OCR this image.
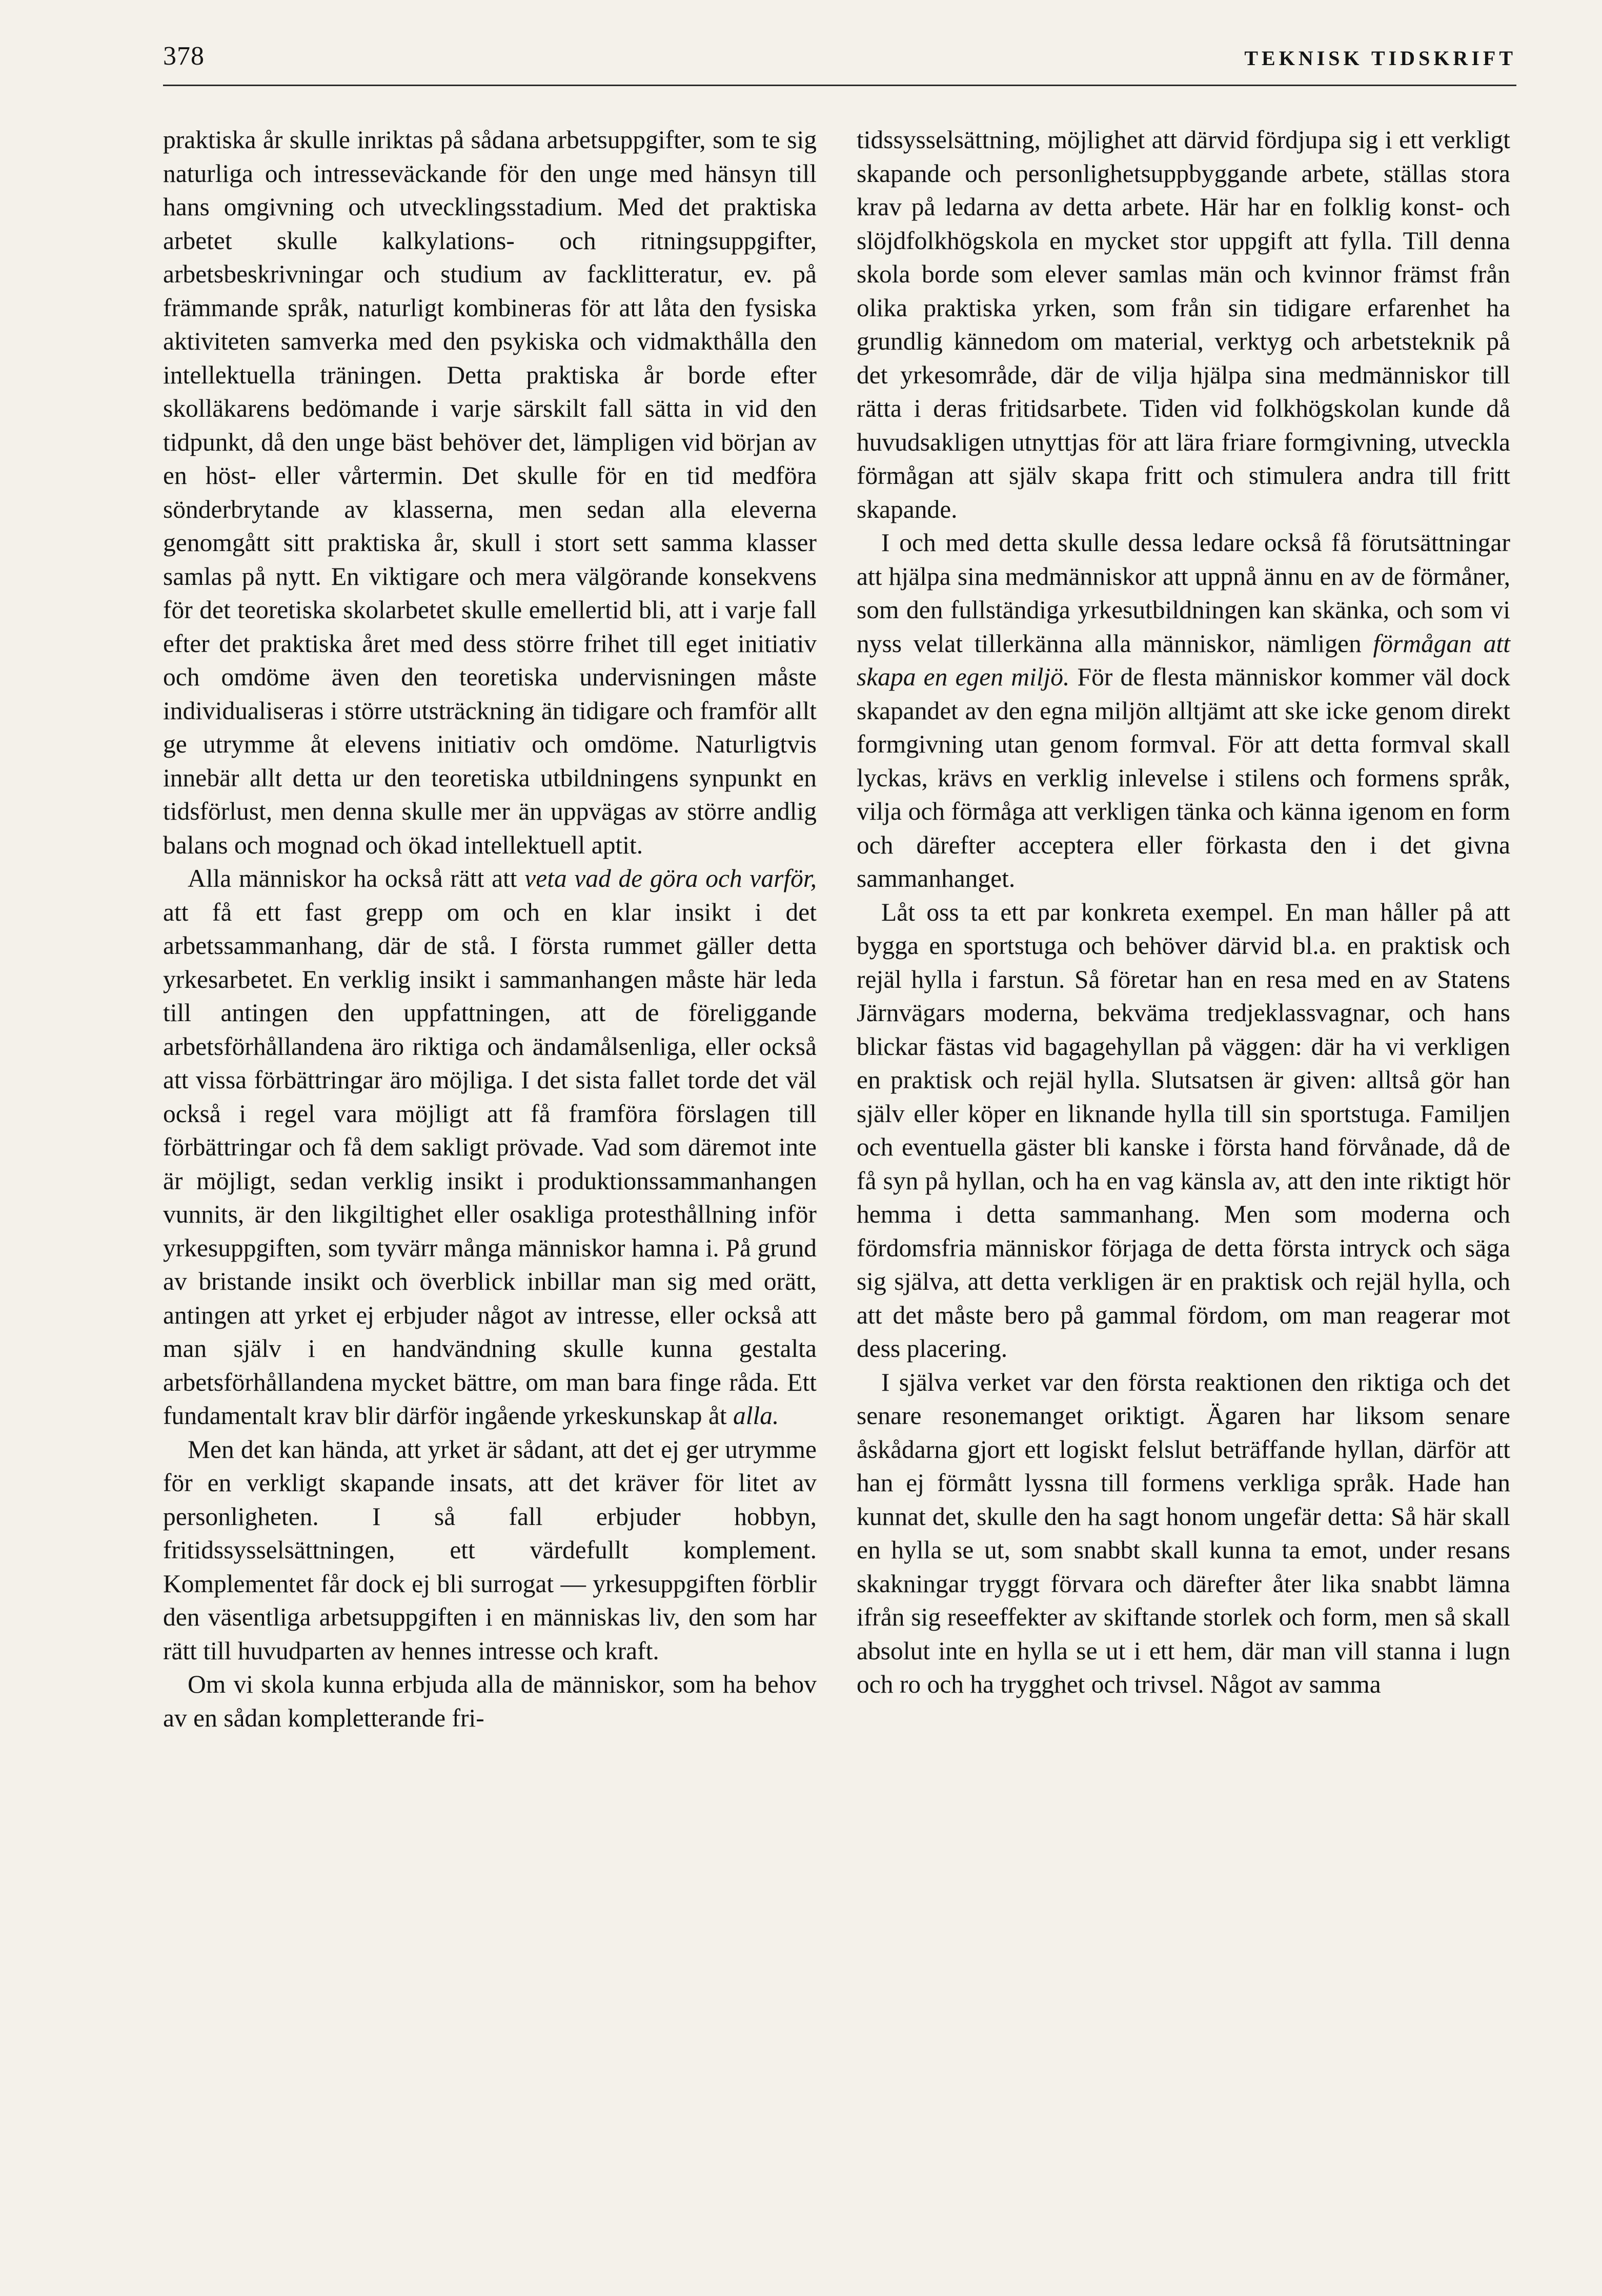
378	TEKNISK TIDSKRIFT

praktiska år skulle inriktas på sådana arbetsuppgifter, som te sig naturliga och intresseväckande för den unge med hänsyn till hans omgivning och utvecklingsstadium. Med det praktiska arbetet skulle kalkylations- och ritningsuppgifter, arbetsbeskrivningar och studium av facklitteratur, ev. på främmande språk, naturligt kombineras för att låta den fysiska aktiviteten samverka med den psykiska och vidmakthålla den intellektuella träningen. Detta praktiska år borde efter skolläkarens bedömande i varje särskilt fall sätta in vid den tidpunkt, då den unge bäst behöver det, lämpligen vid början av en höst- eller vårtermin. Det skulle för en tid medföra sönderbrytande av klasserna, men sedan alla eleverna genomgått sitt praktiska år, skull i stort sett samma klasser samlas på nytt. En viktigare och mera välgörande konsekvens för det teoretiska skolarbetet skulle emellertid bli, att i varje fall efter det praktiska året med dess större frihet till eget initiativ och omdöme även den teoretiska undervisningen måste individualiseras i större utsträckning än tidigare och framför allt ge utrymme åt elevens initiativ och omdöme. Naturligtvis innebär allt detta ur den teoretiska utbildningens synpunkt en tidsförlust, men denna skulle mer än uppvägas av större andlig balans och mognad och ökad intellektuell aptit.

Alla människor ha också rätt att veta vad de göra och varför, att få ett fast grepp om och en klar insikt i det arbetssammanhang, där de stå. I första rummet gäller detta yrkesarbetet. En verklig insikt i sammanhangen måste här leda till antingen den uppfattningen, att de föreliggande arbetsförhållandena äro riktiga och ändamålsenliga, eller också att vissa förbättringar äro möjliga. I det sista fallet torde det väl också i regel vara möjligt att få framföra förslagen till förbättringar och få dem sakligt prövade. Vad som däremot inte är möjligt, sedan verklig insikt i produktionssammanhangen vunnits, är den likgiltighet eller osakliga protesthållning inför yrkesuppgiften, som tyvärr många människor hamna i. På grund av bristande insikt och överblick inbillar man sig med orätt, antingen att yrket ej erbjuder något av intresse, eller också att man själv i en handvändning skulle kunna gestalta arbetsförhållandena mycket bättre, om man bara finge råda. Ett fundamentalt krav blir därför ingående yrkeskunskap åt alla.

Men det kan hända, att yrket är sådant, att det ej ger utrymme för en verkligt skapande insats, att det kräver för litet av personligheten. I så fall erbjuder hobbyn, fritidssysselsättningen, ett värdefullt komplement. Komplementet får dock ej bli surrogat — yrkesuppgiften förblir den väsentliga arbetsuppgiften i en människas liv, den som har rätt till huvudparten av hennes intresse och kraft.

Om vi skola kunna erbjuda alla de människor, som ha behov av en sådan kompletterande fri-

tidssysselsättning, möjlighet att därvid fördjupa sig i ett verkligt skapande och personlighetsuppbyggande arbete, ställas stora krav på ledarna av detta arbete. Här har en folklig konst- och slöjdfolkhögskola en mycket stor uppgift att fylla. Till denna skola borde som elever samlas män och kvinnor främst från olika praktiska yrken, som från sin tidigare erfarenhet ha grundlig kännedom om material, verktyg och arbetsteknik på det yrkesområde, där de vilja hjälpa sina medmänniskor till rätta i deras fritidsarbete. Tiden vid folkhögskolan kunde då huvudsakligen utnyttjas för att lära friare formgivning, utveckla förmågan att själv skapa fritt och stimulera andra till fritt skapande.

I och med detta skulle dessa ledare också få förutsättningar att hjälpa sina medmänniskor att uppnå ännu en av de förmåner, som den fullständiga yrkesutbildningen kan skänka, och som vi nyss velat tillerkänna alla människor, nämligen förmågan att skapa en egen miljö. För de flesta människor kommer väl dock skapandet av den egna miljön alltjämt att ske icke genom direkt formgivning utan genom formval. För att detta formval skall lyckas, krävs en verklig inlevelse i stilens och formens språk, vilja och förmåga att verkligen tänka och känna igenom en form och därefter acceptera eller förkasta den i det givna sammanhanget.

Låt oss ta ett par konkreta exempel. En man håller på att bygga en sportstuga och behöver därvid bl.a. en praktisk och rejäl hylla i farstun. Så företar han en resa med en av Statens Järnvägars moderna, bekväma tredjeklassvagnar, och hans blickar fästas vid bagagehyllan på väggen: där ha vi verkligen en praktisk och rejäl hylla. Slutsatsen är given: alltså gör han själv eller köper en liknande hylla till sin sportstuga. Familjen och eventuella gäster bli kanske i första hand förvånade, då de få syn på hyllan, och ha en vag känsla av, att den inte riktigt hör hemma i detta sammanhang. Men som moderna och fördomsfria människor förjaga de detta första intryck och säga sig själva, att detta verkligen är en praktisk och rejäl hylla, och att det måste bero på gammal fördom, om man reagerar mot dess placering.

I själva verket var den första reaktionen den riktiga och det senare resonemanget oriktigt. Ägaren har liksom senare åskådarna gjort ett logiskt felslut beträffande hyllan, därför att han ej förmått lyssna till formens verkliga språk. Hade han kunnat det, skulle den ha sagt honom ungefär detta: Så här skall en hylla se ut, som snabbt skall kunna ta emot, under resans skakningar tryggt förvara och därefter åter lika snabbt lämna ifrån sig reseeffekter av skiftande storlek och form, men så skall absolut inte en hylla se ut i ett hem, där man vill stanna i lugn och ro och ha trygghet och trivsel. Något av samma
